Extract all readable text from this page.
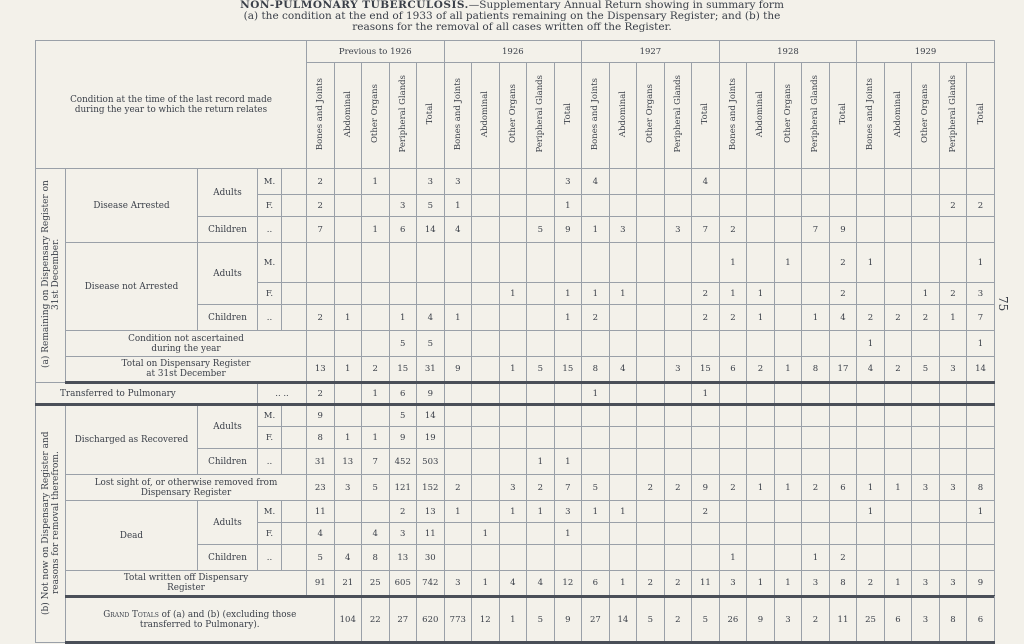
NON-PULMONARY TUBERCULOSIS.—Supplementary Annual Return showing in summary form
(a) the condition at the end of 1933 of all patients remaining on the Dispensary Register; and (b) the
reasons for the removal of all cases written off the Register.
Condition at the time of the last record made during the year to which the return relates					Previous to 1926					1926					1927					1928					1929					
					Bones and Joints	Abdominal	Other Organs	Peripheral Glands	Total	Bones and Joints	Abdominal	Other Organs	Peripheral Glands	Total	Bones and Joints	Abdominal	Other Organs	Peripheral Glands	Total	Bones and Joints	Abdominal	Other Organs	Peripheral Glands	Total	Bones and Joints	Abdominal	Other Organs	Peripheral Glands	Total	
(a) Remaining on Dispensary Register on 31st December.	Disease Arrested	Adults	M.		2		1		3	3				3	4				4											
			F.		2			3	5	1				1														2	2	
		Children	..		7		1	6	14	4			5	9	1	3		3	7	2			7	9						
	Disease not Arrested	Adults	M.																	1		1		2	1				1	
			F.									1		1	1	1			2	1	1			2			1	2	3	
		Children	..		2	1		1	4	1				1	2				2	2	1		1	4	2	2	2	1	7	
	Condition not ascertained during the year							5	5																1				1	
	Total on Dispensary Register at 31st December				13	1	2	15	31	9		1	5	15	8	4		3	15	6	2	1	8	17	4	2	5	3	14	
Transferred to Pulmonary			.. ..		2		1	6	9						1				1											
(b) Not now on Dispensary Register and reasons for removal therefrom.	Discharged as Recovered	Adults	M.		9			5	14																					
			F.		8	1	1	9	19																					
		Children	..		31	13	7	452	503				1	1																
	Lost sight of, or otherwise removed from Dispensary Register				23	3	5	121	152	2		3	2	7	5		2	2	9	2	1	1	2	6	1	1	3	3	8	
	Dead	Adults	M.		11			2	13	1		1	1	3	1	1			2						1				1	
			F.		4		4	3	11		1			1																
		Children	..		5	4	8	13	30											1			1	2						
	Total written off Dispensary Register				91	21	25	605	742	3	1	4	4	12	6	1	2	2	11	3	1	1	3	8	2	1	3	3	9	
	Grand Totals of (a) and (b) (excluding those transferred to Pulmonary).					104	22	27	620	773	12	1	5	9	27	14	5	2	5	26	9	3	2	11	25	6	3	8	6	
75
